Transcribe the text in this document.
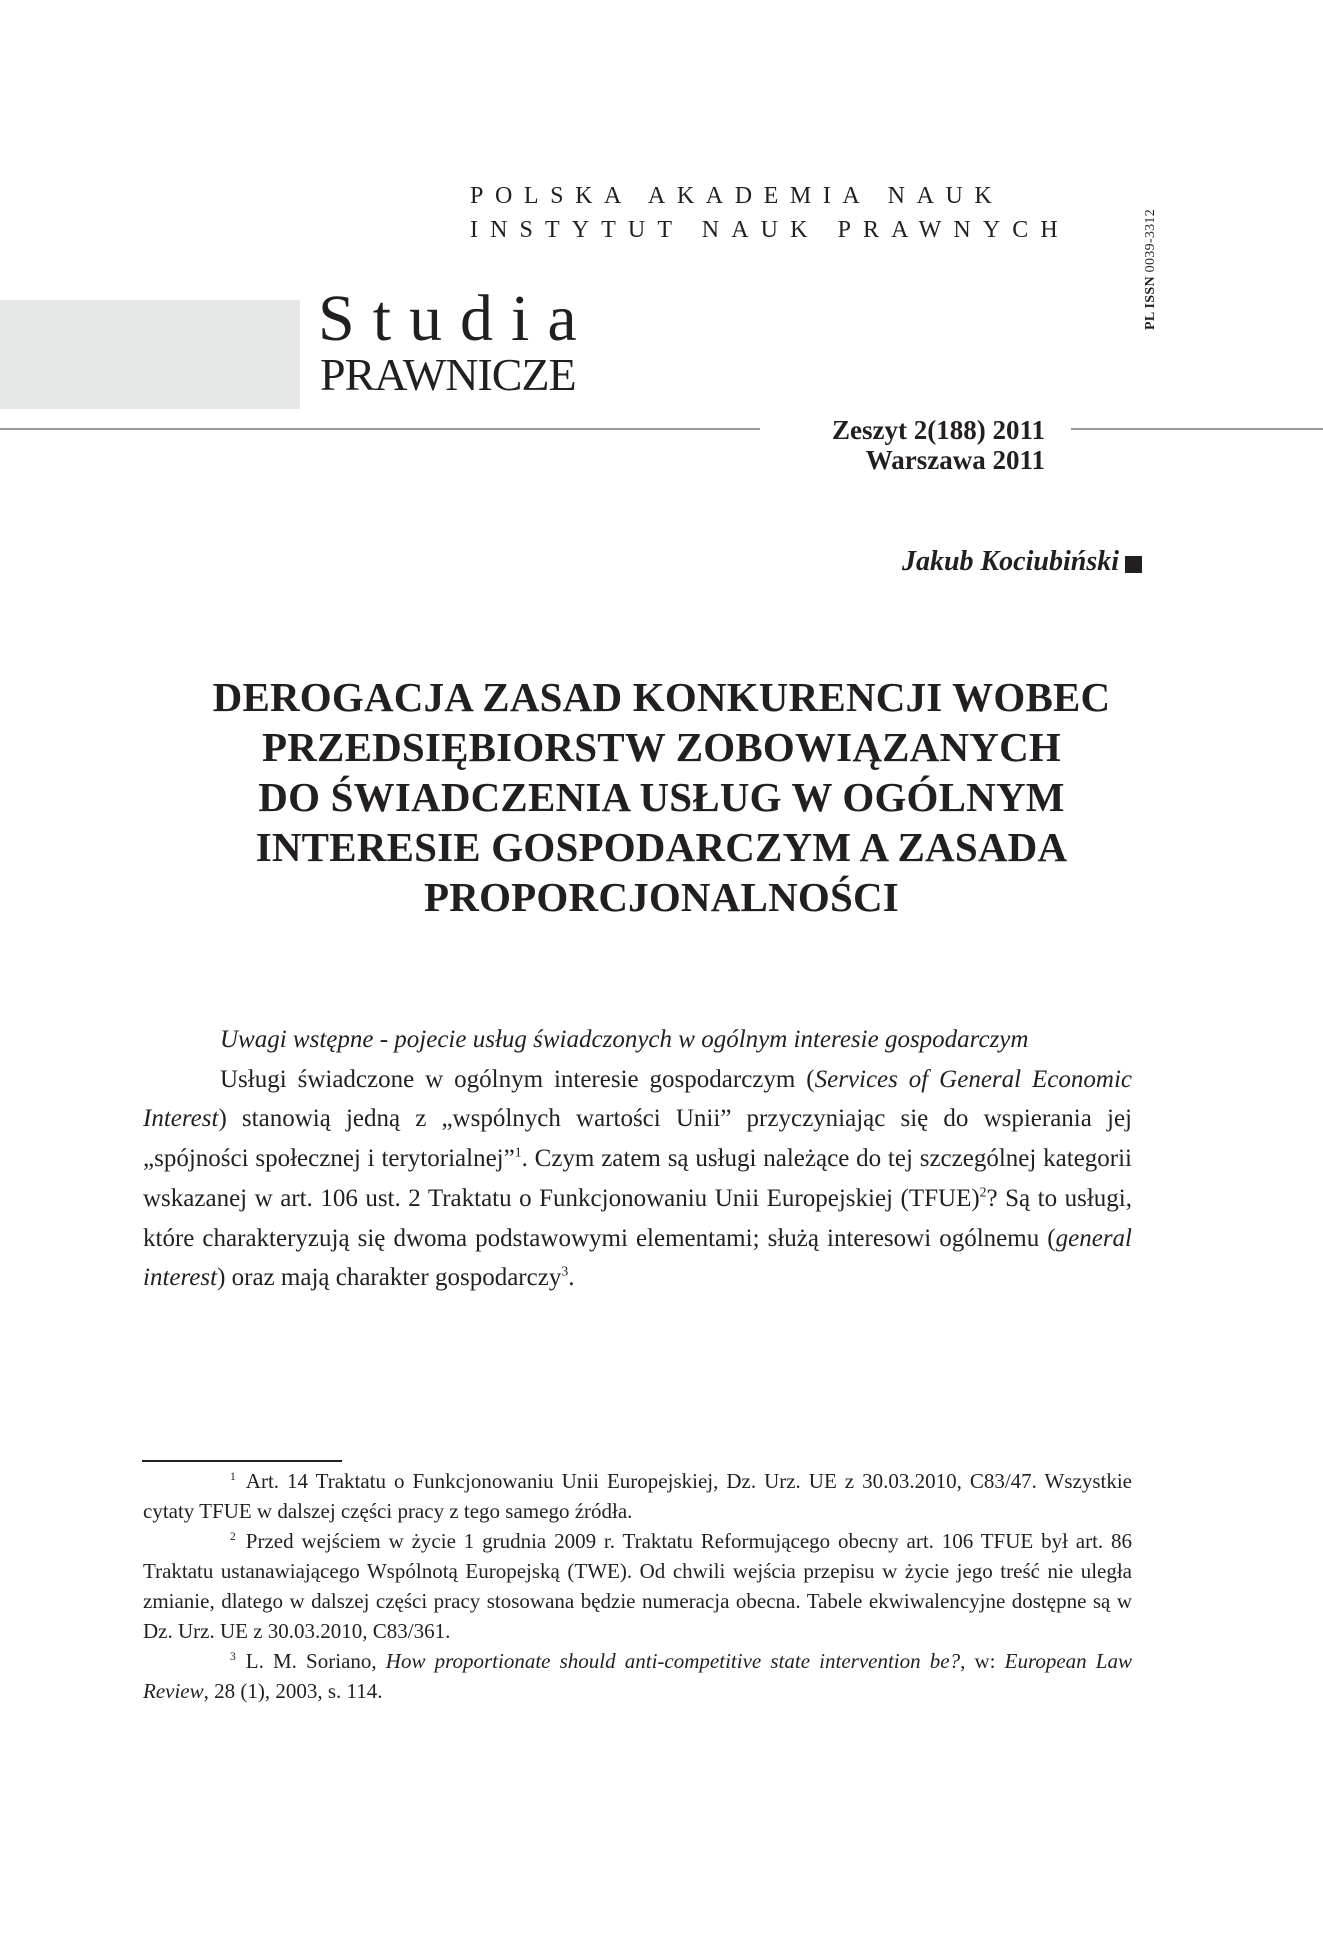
POLSKA AKADEMIA NAUK
INSTYTUT NAUK PRAWNYCH
PL ISSN 0039-3312
Studia
PRAWNICZE
Zeszyt 2(188) 2011
Warszawa 2011
Jakub Kociubiński
DEROGACJA ZASAD KONKURENCJI WOBEC
PRZEDSIĘBIORSTW ZOBOWIĄZANYCH
DO ŚWIADCZENIA USŁUG W OGÓLNYM
INTERESIE GOSPODARCZYM A ZASADA
PROPORCJONALNOŚCI

Uwagi wstępne - pojecie usług świadczonych w ogólnym interesie gospodarczym

Usługi świadczone w ogólnym interesie gospodarczym (Services of General Economic Interest) stanowią jedną z „wspólnych wartości Unii” przyczyniając się do wspierania jej „spójności społecznej i terytorialnej”$^1$. Czym zatem są usługi należące do tej szczególnej kategorii wskazanej w art. 106 ust. 2 Traktatu o Funkcjonowaniu Unii Europejskiej (TFUE)$^2$? Są to usługi, które charakteryzują się dwoma podstawowymi elementami; służą interesowi ogólnemu (general interest) oraz mają charakter gospodarczy$^3$.

$^1$ Art. 14 Traktatu o Funkcjonowaniu Unii Europejskiej, Dz. Urz. UE z 30.03.2010, C83/47. Wszystkie cytaty TFUE w dalszej części pracy z tego samego źródła.

$^2$ Przed wejściem w życie 1 grudnia 2009 r. Traktatu Reformującego obecny art. 106 TFUE był art. 86 Traktatu ustanawiającego Wspólnotą Europejską (TWE). Od chwili wejścia przepisu w życie jego treść nie uległa zmianie, dlatego w dalszej części pracy stosowana będzie numeracja obecna. Tabele ekwiwalencyjne dostępne są w Dz. Urz. UE z 30.03.2010, C83/361.

$^3$ L. M. Soriano, How proportionate should anti-competitive state intervention be?, w: European Law Review, 28 (1), 2003, s. 114.
